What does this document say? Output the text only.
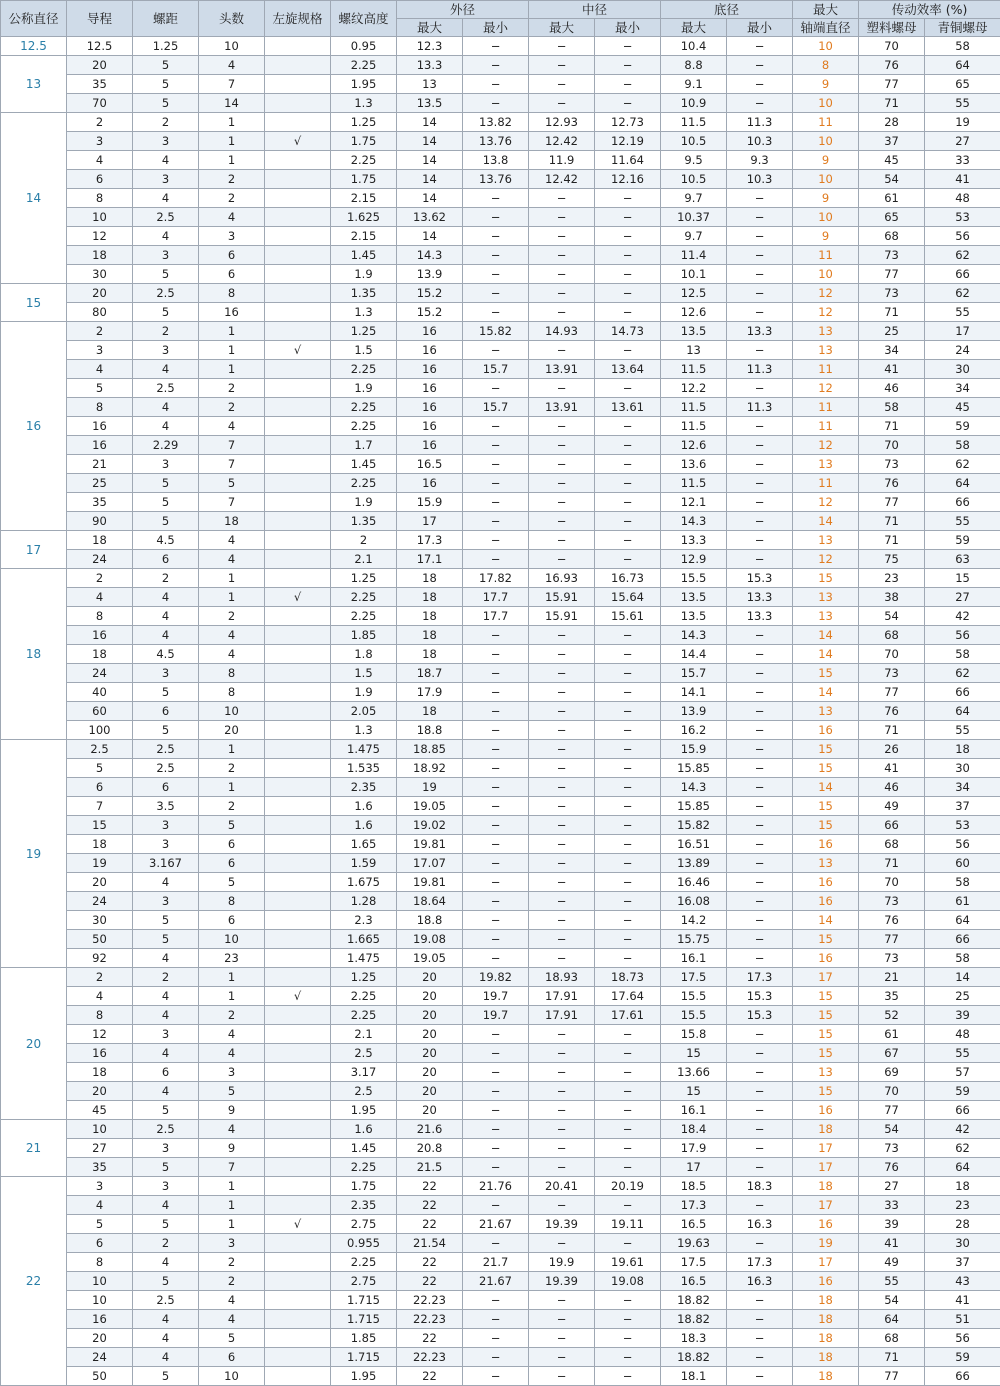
公称直径	导程	螺距	头数	左旋规格	螺纹高度	外径		中径		底径		最大	传动效率 (%)	
						最大	最小	最大	最小	最大	最小	轴端直径	塑料螺母	青铜螺母
12.5	12.5	1.25	10		0.95	12.3	−	−	−	10.4	−	10	70	58
13	20	5	4		2.25	13.3	−	−	−	8.8	−	8	76	64
	35	5	7		1.95	13	−	−	−	9.1	−	9	77	65
	70	5	14		1.3	13.5	−	−	−	10.9	−	10	71	55
14	2	2	1		1.25	14	13.82	12.93	12.73	11.5	11.3	11	28	19
	3	3	1	√	1.75	14	13.76	12.42	12.19	10.5	10.3	10	37	27
	4	4	1		2.25	14	13.8	11.9	11.64	9.5	9.3	9	45	33
	6	3	2		1.75	14	13.76	12.42	12.16	10.5	10.3	10	54	41
	8	4	2		2.15	14	−	−	−	9.7	−	9	61	48
	10	2.5	4		1.625	13.62	−	−	−	10.37	−	10	65	53
	12	4	3		2.15	14	−	−	−	9.7	−	9	68	56
	18	3	6		1.45	14.3	−	−	−	11.4	−	11	73	62
	30	5	6		1.9	13.9	−	−	−	10.1	−	10	77	66
15	20	2.5	8		1.35	15.2	−	−	−	12.5	−	12	73	62
	80	5	16		1.3	15.2	−	−	−	12.6	−	12	71	55
16	2	2	1		1.25	16	15.82	14.93	14.73	13.5	13.3	13	25	17
	3	3	1	√	1.5	16	−	−	−	13	−	13	34	24
	4	4	1		2.25	16	15.7	13.91	13.64	11.5	11.3	11	41	30
	5	2.5	2		1.9	16	−	−	−	12.2	−	12	46	34
	8	4	2		2.25	16	15.7	13.91	13.61	11.5	11.3	11	58	45
	16	4	4		2.25	16	−	−	−	11.5	−	11	71	59
	16	2.29	7		1.7	16	−	−	−	12.6	−	12	70	58
	21	3	7		1.45	16.5	−	−	−	13.6	−	13	73	62
	25	5	5		2.25	16	−	−	−	11.5	−	11	76	64
	35	5	7		1.9	15.9	−	−	−	12.1	−	12	77	66
	90	5	18		1.35	17	−	−	−	14.3	−	14	71	55
17	18	4.5	4		2	17.3	−	−	−	13.3	−	13	71	59
	24	6	4		2.1	17.1	−	−	−	12.9	−	12	75	63
18	2	2	1		1.25	18	17.82	16.93	16.73	15.5	15.3	15	23	15
	4	4	1	√	2.25	18	17.7	15.91	15.64	13.5	13.3	13	38	27
	8	4	2		2.25	18	17.7	15.91	15.61	13.5	13.3	13	54	42
	16	4	4		1.85	18	−	−	−	14.3	−	14	68	56
	18	4.5	4		1.8	18	−	−	−	14.4	−	14	70	58
	24	3	8		1.5	18.7	−	−	−	15.7	−	15	73	62
	40	5	8		1.9	17.9	−	−	−	14.1	−	14	77	66
	60	6	10		2.05	18	−	−	−	13.9	−	13	76	64
	100	5	20		1.3	18.8	−	−	−	16.2	−	16	71	55
19	2.5	2.5	1		1.475	18.85	−	−	−	15.9	−	15	26	18
	5	2.5	2		1.535	18.92	−	−	−	15.85	−	15	41	30
	6	6	1		2.35	19	−	−	−	14.3	−	14	46	34
	7	3.5	2		1.6	19.05	−	−	−	15.85	−	15	49	37
	15	3	5		1.6	19.02	−	−	−	15.82	−	15	66	53
	18	3	6		1.65	19.81	−	−	−	16.51	−	16	68	56
	19	3.167	6		1.59	17.07	−	−	−	13.89	−	13	71	60
	20	4	5		1.675	19.81	−	−	−	16.46	−	16	70	58
	24	3	8		1.28	18.64	−	−	−	16.08	−	16	73	61
	30	5	6		2.3	18.8	−	−	−	14.2	−	14	76	64
	50	5	10		1.665	19.08	−	−	−	15.75	−	15	77	66
	92	4	23		1.475	19.05	−	−	−	16.1	−	16	73	58
20	2	2	1		1.25	20	19.82	18.93	18.73	17.5	17.3	17	21	14
	4	4	1	√	2.25	20	19.7	17.91	17.64	15.5	15.3	15	35	25
	8	4	2		2.25	20	19.7	17.91	17.61	15.5	15.3	15	52	39
	12	3	4		2.1	20	−	−	−	15.8	−	15	61	48
	16	4	4		2.5	20	−	−	−	15	−	15	67	55
	18	6	3		3.17	20	−	−	−	13.66	−	13	69	57
	20	4	5		2.5	20	−	−	−	15	−	15	70	59
	45	5	9		1.95	20	−	−	−	16.1	−	16	77	66
21	10	2.5	4		1.6	21.6	−	−	−	18.4	−	18	54	42
	27	3	9		1.45	20.8	−	−	−	17.9	−	17	73	62
	35	5	7		2.25	21.5	−	−	−	17	−	17	76	64
22	3	3	1		1.75	22	21.76	20.41	20.19	18.5	18.3	18	27	18
	4	4	1		2.35	22	−	−	−	17.3	−	17	33	23
	5	5	1	√	2.75	22	21.67	19.39	19.11	16.5	16.3	16	39	28
	6	2	3		0.955	21.54	−	−	−	19.63	−	19	41	30
	8	4	2		2.25	22	21.7	19.9	19.61	17.5	17.3	17	49	37
	10	5	2		2.75	22	21.67	19.39	19.08	16.5	16.3	16	55	43
	10	2.5	4		1.715	22.23	−	−	−	18.82	−	18	54	41
	16	4	4		1.715	22.23	−	−	−	18.82	−	18	64	51
	20	4	5		1.85	22	−	−	−	18.3	−	18	68	56
	24	4	6		1.715	22.23	−	−	−	18.82	−	18	71	59
	50	5	10		1.95	22	−	−	−	18.1	−	18	77	66
